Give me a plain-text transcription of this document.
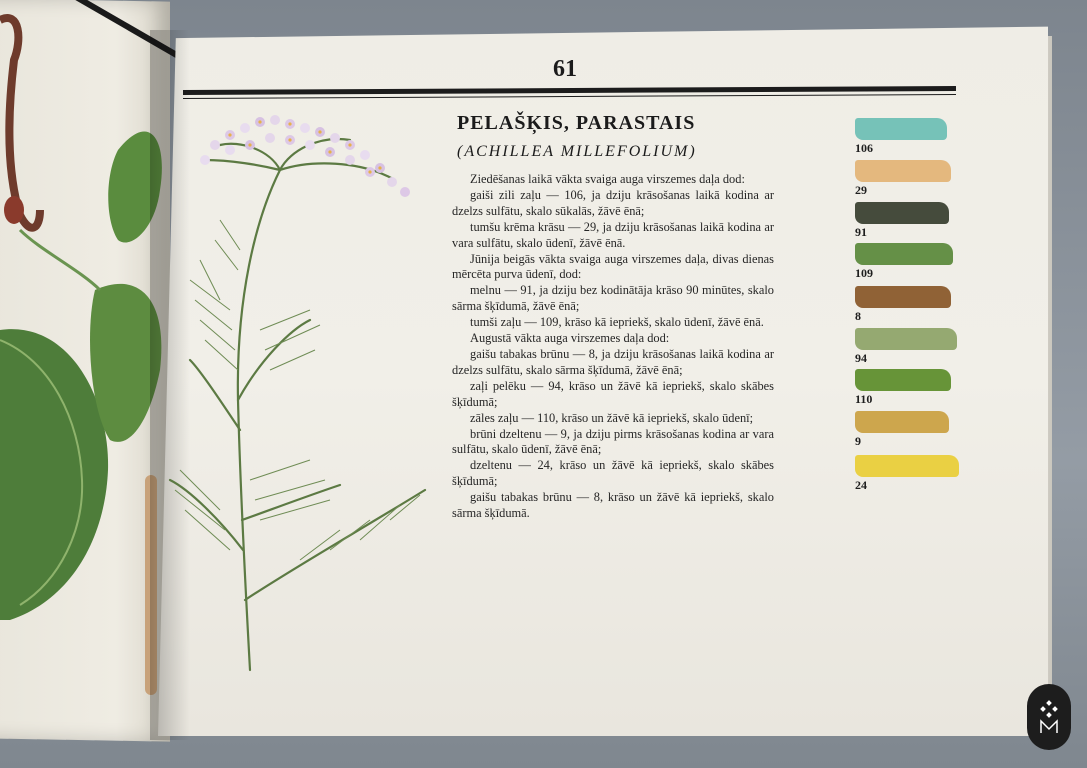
61
PELAŠĶIS, PARASTAIS
(ACHILLEA MILLEFOLIUM)

Ziedēšanas laikā vākta svaiga auga virszemes daļa dod:

gaiši zili zaļu — 106, ja dziju krāsošanas laikā kodina ar dzelzs sulfātu, skalo sūkalās, žāvē ēnā;

tumšu krēma krāsu — 29, ja dziju krāsošanas laikā kodina ar vara sulfātu, skalo ūdenī, žāvē ēnā.

Jūnija beigās vākta svaiga auga virszemes daļa, divas dienas mērcēta purva ūdenī, dod:

melnu — 91, ja dziju bez kodinātāja krāso 90 minūtes, skalo sārma šķīdumā, žāvē ēnā;

tumši zaļu — 109, krāso kā iepriekš, skalo ūdenī, žāvē ēnā.

Augustā vākta auga virszemes daļa dod:

gaišu tabakas brūnu — 8, ja dziju krāsošanas laikā kodina ar dzelzs sulfātu, skalo sārma šķīdumā, žāvē ēnā;

zaļi pelēku — 94, krāso un žāvē kā iepriekš, skalo skābes šķīdumā;

zāles zaļu — 110, krāso un žāvē kā iepriekš, skalo ūdenī;

brūni dzeltenu — 9, ja dziju pirms krāsošanas kodina ar vara sulfātu, skalo ūdenī, žāvē ēnā;

dzeltenu — 24, krāso un žāvē kā iepriekš, skalo skābes šķīdumā;

gaišu tabakas brūnu — 8, krāso un žāvē kā iepriekš, skalo sārma šķīdumā.

106
29
91
109
8
94
110
9
24
